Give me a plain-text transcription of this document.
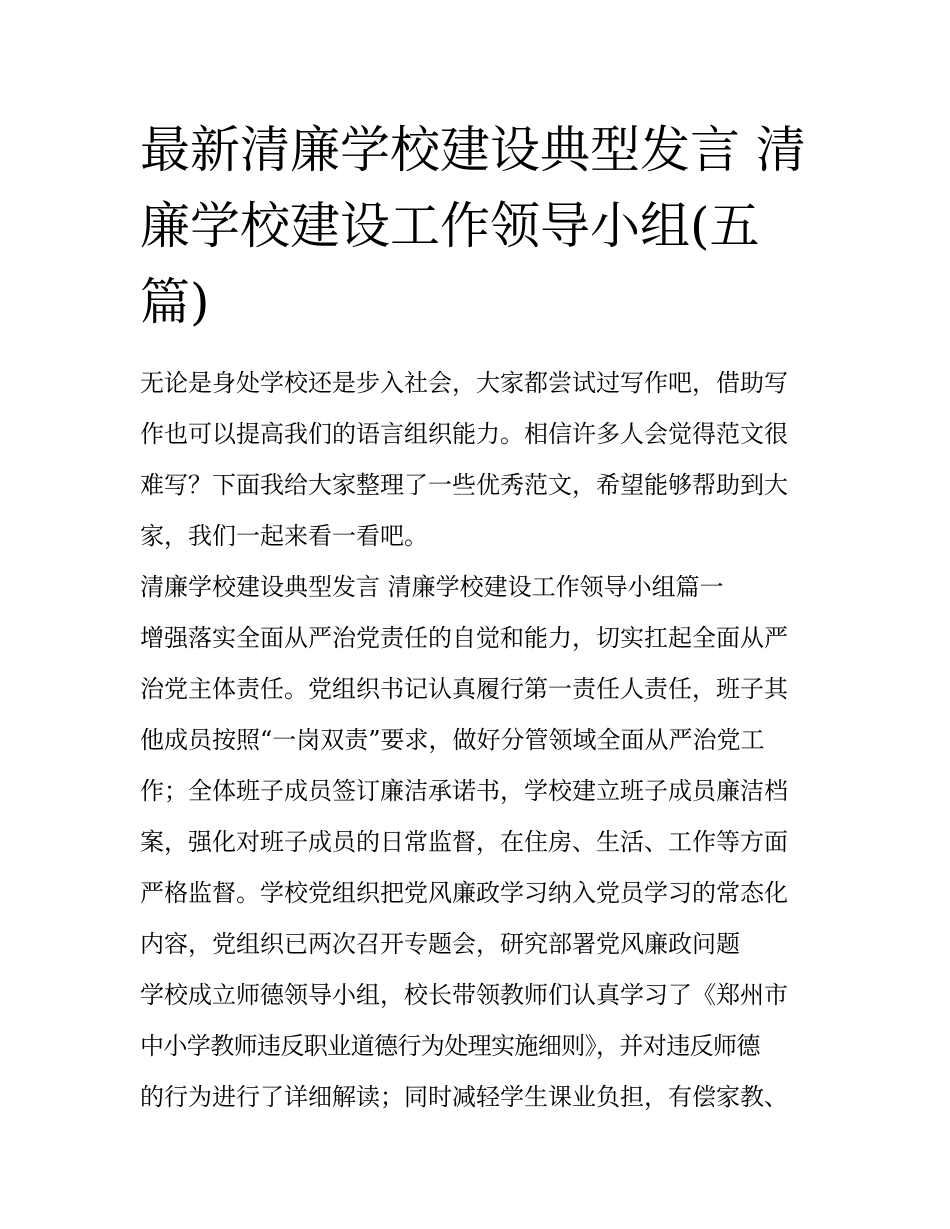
最新清廉学校建设典型发言 清
廉学校建设工作领导小组(五
篇)
无论是身处学校还是步入社会，大家都尝试过写作吧，借助写
作也可以提高我们的语言组织能力。相信许多人会觉得范文很
难写？下面我给大家整理了一些优秀范文，希望能够帮助到大
家，我们一起来看一看吧。
清廉学校建设典型发言 清廉学校建设工作领导小组篇一
增强落实全面从严治党责任的自觉和能力，切实扛起全面从严
治党主体责任。党组织书记认真履行第一责任人责任，班子其
他成员按照“一岗双责”要求，做好分管领域全面从严治党工
作；全体班子成员签订廉洁承诺书，学校建立班子成员廉洁档
案，强化对班子成员的日常监督，在住房、生活、工作等方面
严格监督。学校党组织把党风廉政学习纳入党员学习的常态化
内容，党组织已两次召开专题会，研究部署党风廉政问题
学校成立师德领导小组，校长带领教师们认真学习了《郑州市
中小学教师违反职业道德行为处理实施细则》，并对违反师德
的行为进行了详细解读；同时减轻学生课业负担，有偿家教、
